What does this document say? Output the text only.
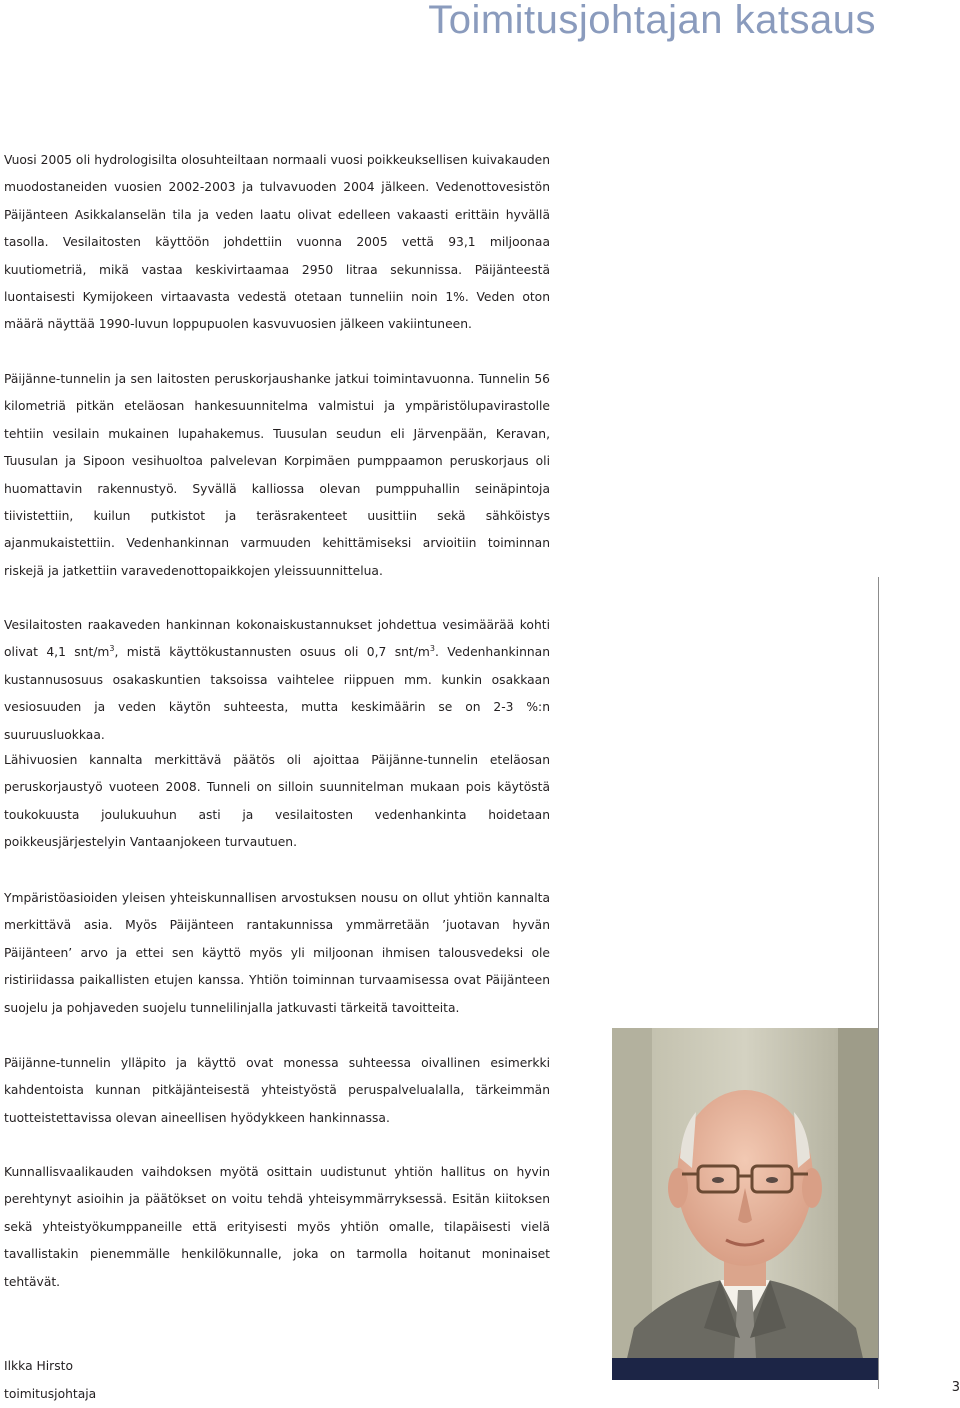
Toimitusjohtajan katsaus

Vuosi 2005 oli hydrologisilta olosuhteiltaan normaali vuosi poikkeuksellisen kuivakauden muodostaneiden vuosien 2002-2003 ja tulvavuoden 2004 jälkeen. Vedenottovesistön Päijänteen Asikkalanselän tila ja veden laatu olivat edelleen vakaasti erittäin hyvällä tasolla. Vesilaitosten käyttöön johdettiin vuonna 2005 vettä 93,1 miljoonaa kuutiometriä, mikä vastaa keskivirtaamaa 2950 litraa sekunnissa. Päijänteestä luontaisesti Kymijokeen virtaavasta vedestä otetaan tunneliin noin 1%. Veden oton määrä näyttää 1990-luvun loppupuolen kasvuvuosien jälkeen vakiintuneen.

Päijänne-tunnelin ja sen laitosten peruskorjaushanke jatkui toimintavuonna. Tunnelin 56 kilometriä pitkän eteläosan hankesuunnitelma valmistui ja ympäristölupavirastolle tehtiin vesilain mukainen lupahakemus. Tuusulan seudun eli Järvenpään, Keravan, Tuusulan ja Sipoon vesihuoltoa palvelevan Korpimäen pumppaamon peruskorjaus oli huomattavin rakennustyö. Syvällä kalliossa olevan pumppuhallin seinäpintoja tiivistettiin, kuilun putkistot ja teräsrakenteet uusittiin sekä sähköistys ajanmukaistettiin. Vedenhankinnan varmuuden kehittämiseksi arvioitiin toiminnan riskejä ja jatkettiin varavedenottopaikkojen yleissuunnittelua.

Vesilaitosten raakaveden hankinnan kokonaiskustannukset johdettua vesimäärää kohti olivat 4,1 snt/$m^3$, mistä käyttökustannusten osuus oli 0,7 snt/$m^3$. Vedenhankinnan kustannusosuus osakaskuntien taksoissa vaihtelee riippuen mm. kunkin osakkaan vesiosuuden ja veden käytön suhteesta, mutta keskimäärin se on 2-3 %:n suuruusluokkaa.

Lähivuosien kannalta merkittävä päätös oli ajoittaa Päijänne-tunnelin eteläosan peruskorjaustyö vuoteen 2008. Tunneli on silloin suunnitelman mukaan pois käytöstä toukokuusta joulukuuhun asti ja vesilaitosten vedenhankinta hoidetaan poikkeusjärjestelyin Vantaanjokeen turvautuen.

Ympäristöasioiden yleisen yhteiskunnallisen arvostuksen nousu on ollut yhtiön kannalta merkittävä asia. Myös Päijänteen rantakunnissa ymmärretään ’juotavan hyvän Päijänteen’ arvo ja ettei sen käyttö myös yli miljoonan ihmisen talousvedeksi ole ristiriidassa paikallisten etujen kanssa. Yhtiön toiminnan turvaamisessa ovat Päijänteen suojelu ja pohjaveden suojelu tunnelilinjalla jatkuvasti tärkeitä tavoitteita.

Päijänne-tunnelin ylläpito ja käyttö ovat monessa suhteessa oivallinen esimerkki kahdentoista kunnan pitkäjänteisestä yhteistyöstä peruspalvelualalla, tärkeimmän tuotteistettavissa olevan aineellisen hyödykkeen hankinnassa.

Kunnallisvaalikauden vaihdoksen myötä osittain uudistunut yhtiön hallitus on hyvin perehtynyt asioihin ja päätökset on voitu tehdä yhteisymmärryksessä. Esitän kiitoksen sekä yhteistyökumppaneille että erityisesti myös yhtiön omalle, tilapäisesti vielä tavallistakin pienemmälle henkilökunnalle, joka on tarmolla hoitanut moninaiset tehtävät.

Ilkka Hirsto
toimitusjohtaja	3
